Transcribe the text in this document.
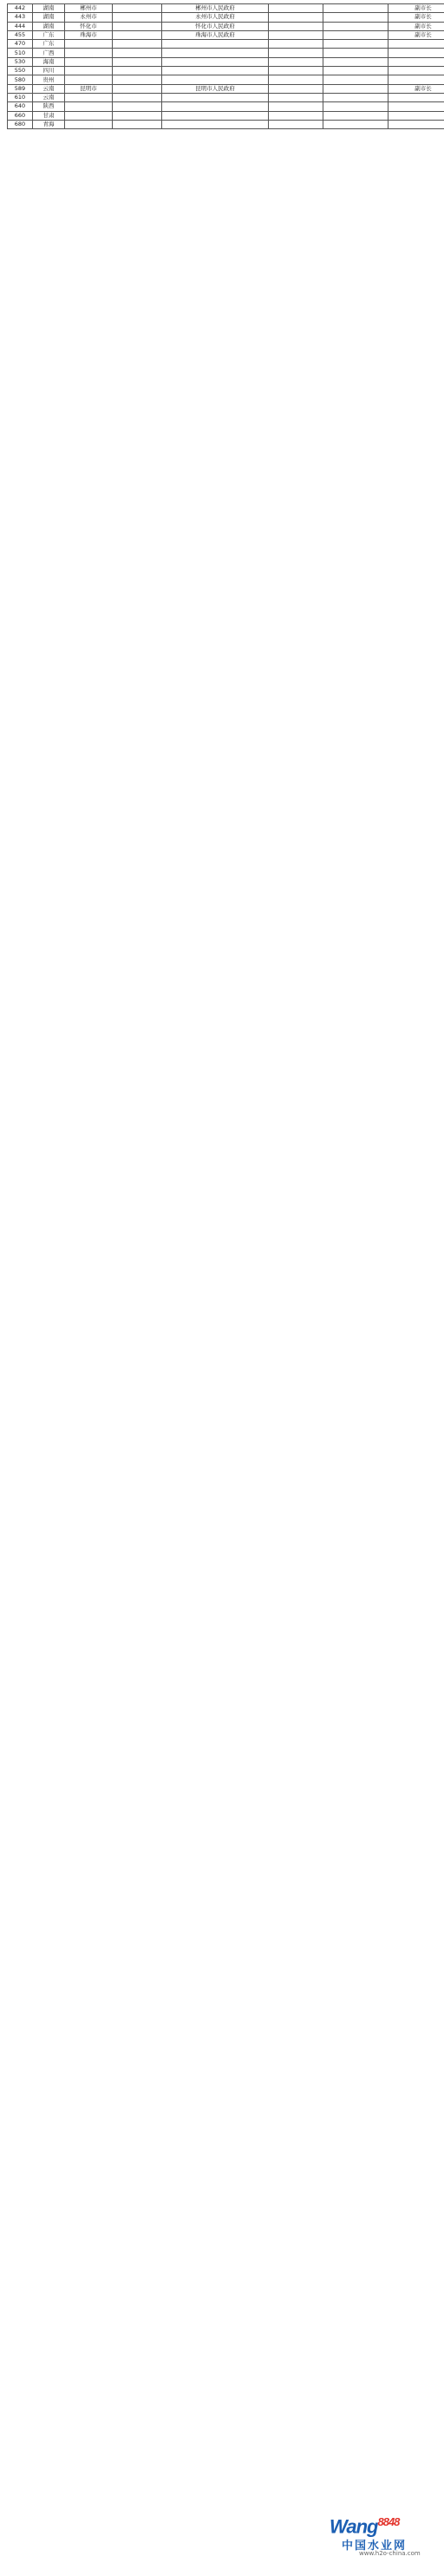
442	湖南	郴州市		郴州市人民政府			副市长
443	湖南	永州市		永州市人民政府			副市长
444	湖南	怀化市		怀化市人民政府			副市长
455	广东	珠海市		珠海市人民政府			副市长
470	广东						
510	广西						
530	海南						
550	四川						
580	贵州						
589	云南	昆明市		昆明市人民政府			副市长
610	云南						
640	陕西						
660	甘肃						
680	青海						
Wang$^{8848}$
中国水业网
www.h2o-china.com
